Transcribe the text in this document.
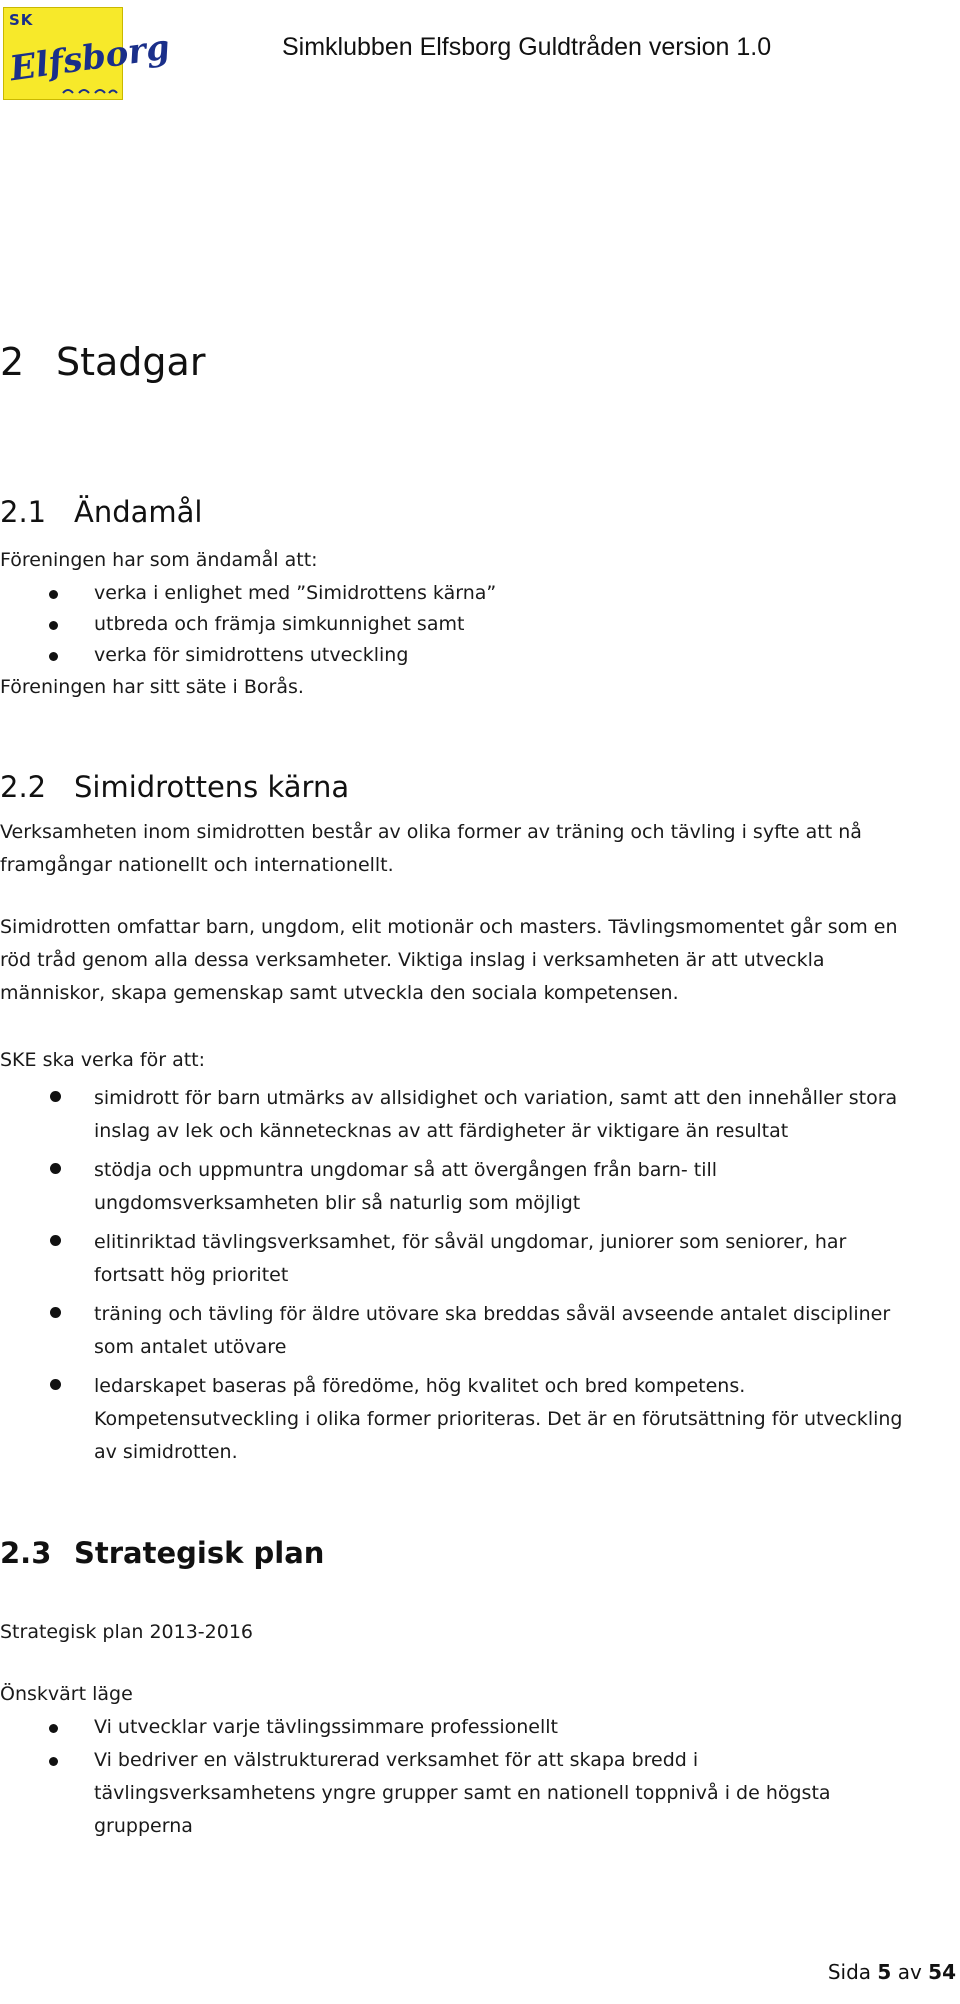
SK
Elfsborg	Simklubben Elfsborg Guldtråden version 1.0
2 Stadgar
2.1 Ändamål
Föreningen har som ändamål att:
verka i enlighet med ”Simidrottens kärna”
utbreda och främja simkunnighet samt
verka för simidrottens utveckling
Föreningen har sitt säte i Borås.
2.2 Simidrottens kärna
Verksamheten inom simidrotten består av olika former av träning och tävling i syfte att nå
framgångar nationellt och internationellt.
Simidrotten omfattar barn, ungdom, elit motionär och masters. Tävlingsmomentet går som en
röd tråd genom alla dessa verksamheter. Viktiga inslag i verksamheten är att utveckla
människor, skapa gemenskap samt utveckla den sociala kompetensen.
SKE ska verka för att:
simidrott för barn utmärks av allsidighet och variation, samt att den innehåller stora
inslag av lek och kännetecknas av att färdigheter är viktigare än resultat
stödja och uppmuntra ungdomar så att övergången från barn- till
ungdomsverksamheten blir så naturlig som möjligt
elitinriktad tävlingsverksamhet, för såväl ungdomar, juniorer som seniorer, har
fortsatt hög prioritet
träning och tävling för äldre utövare ska breddas såväl avseende antalet discipliner
som antalet utövare
ledarskapet baseras på föredöme, hög kvalitet och bred kompetens.
Kompetensutveckling i olika former prioriteras. Det är en förutsättning för utveckling
av simidrotten.
2.3 Strategisk plan
Strategisk plan 2013-2016
Önskvärt läge
Vi utvecklar varje tävlingssimmare professionellt
Vi bedriver en välstrukturerad verksamhet för att skapa bredd i
tävlingsverksamhetens yngre grupper samt en nationell toppnivå i de högsta
grupperna
Sida 5 av 54
